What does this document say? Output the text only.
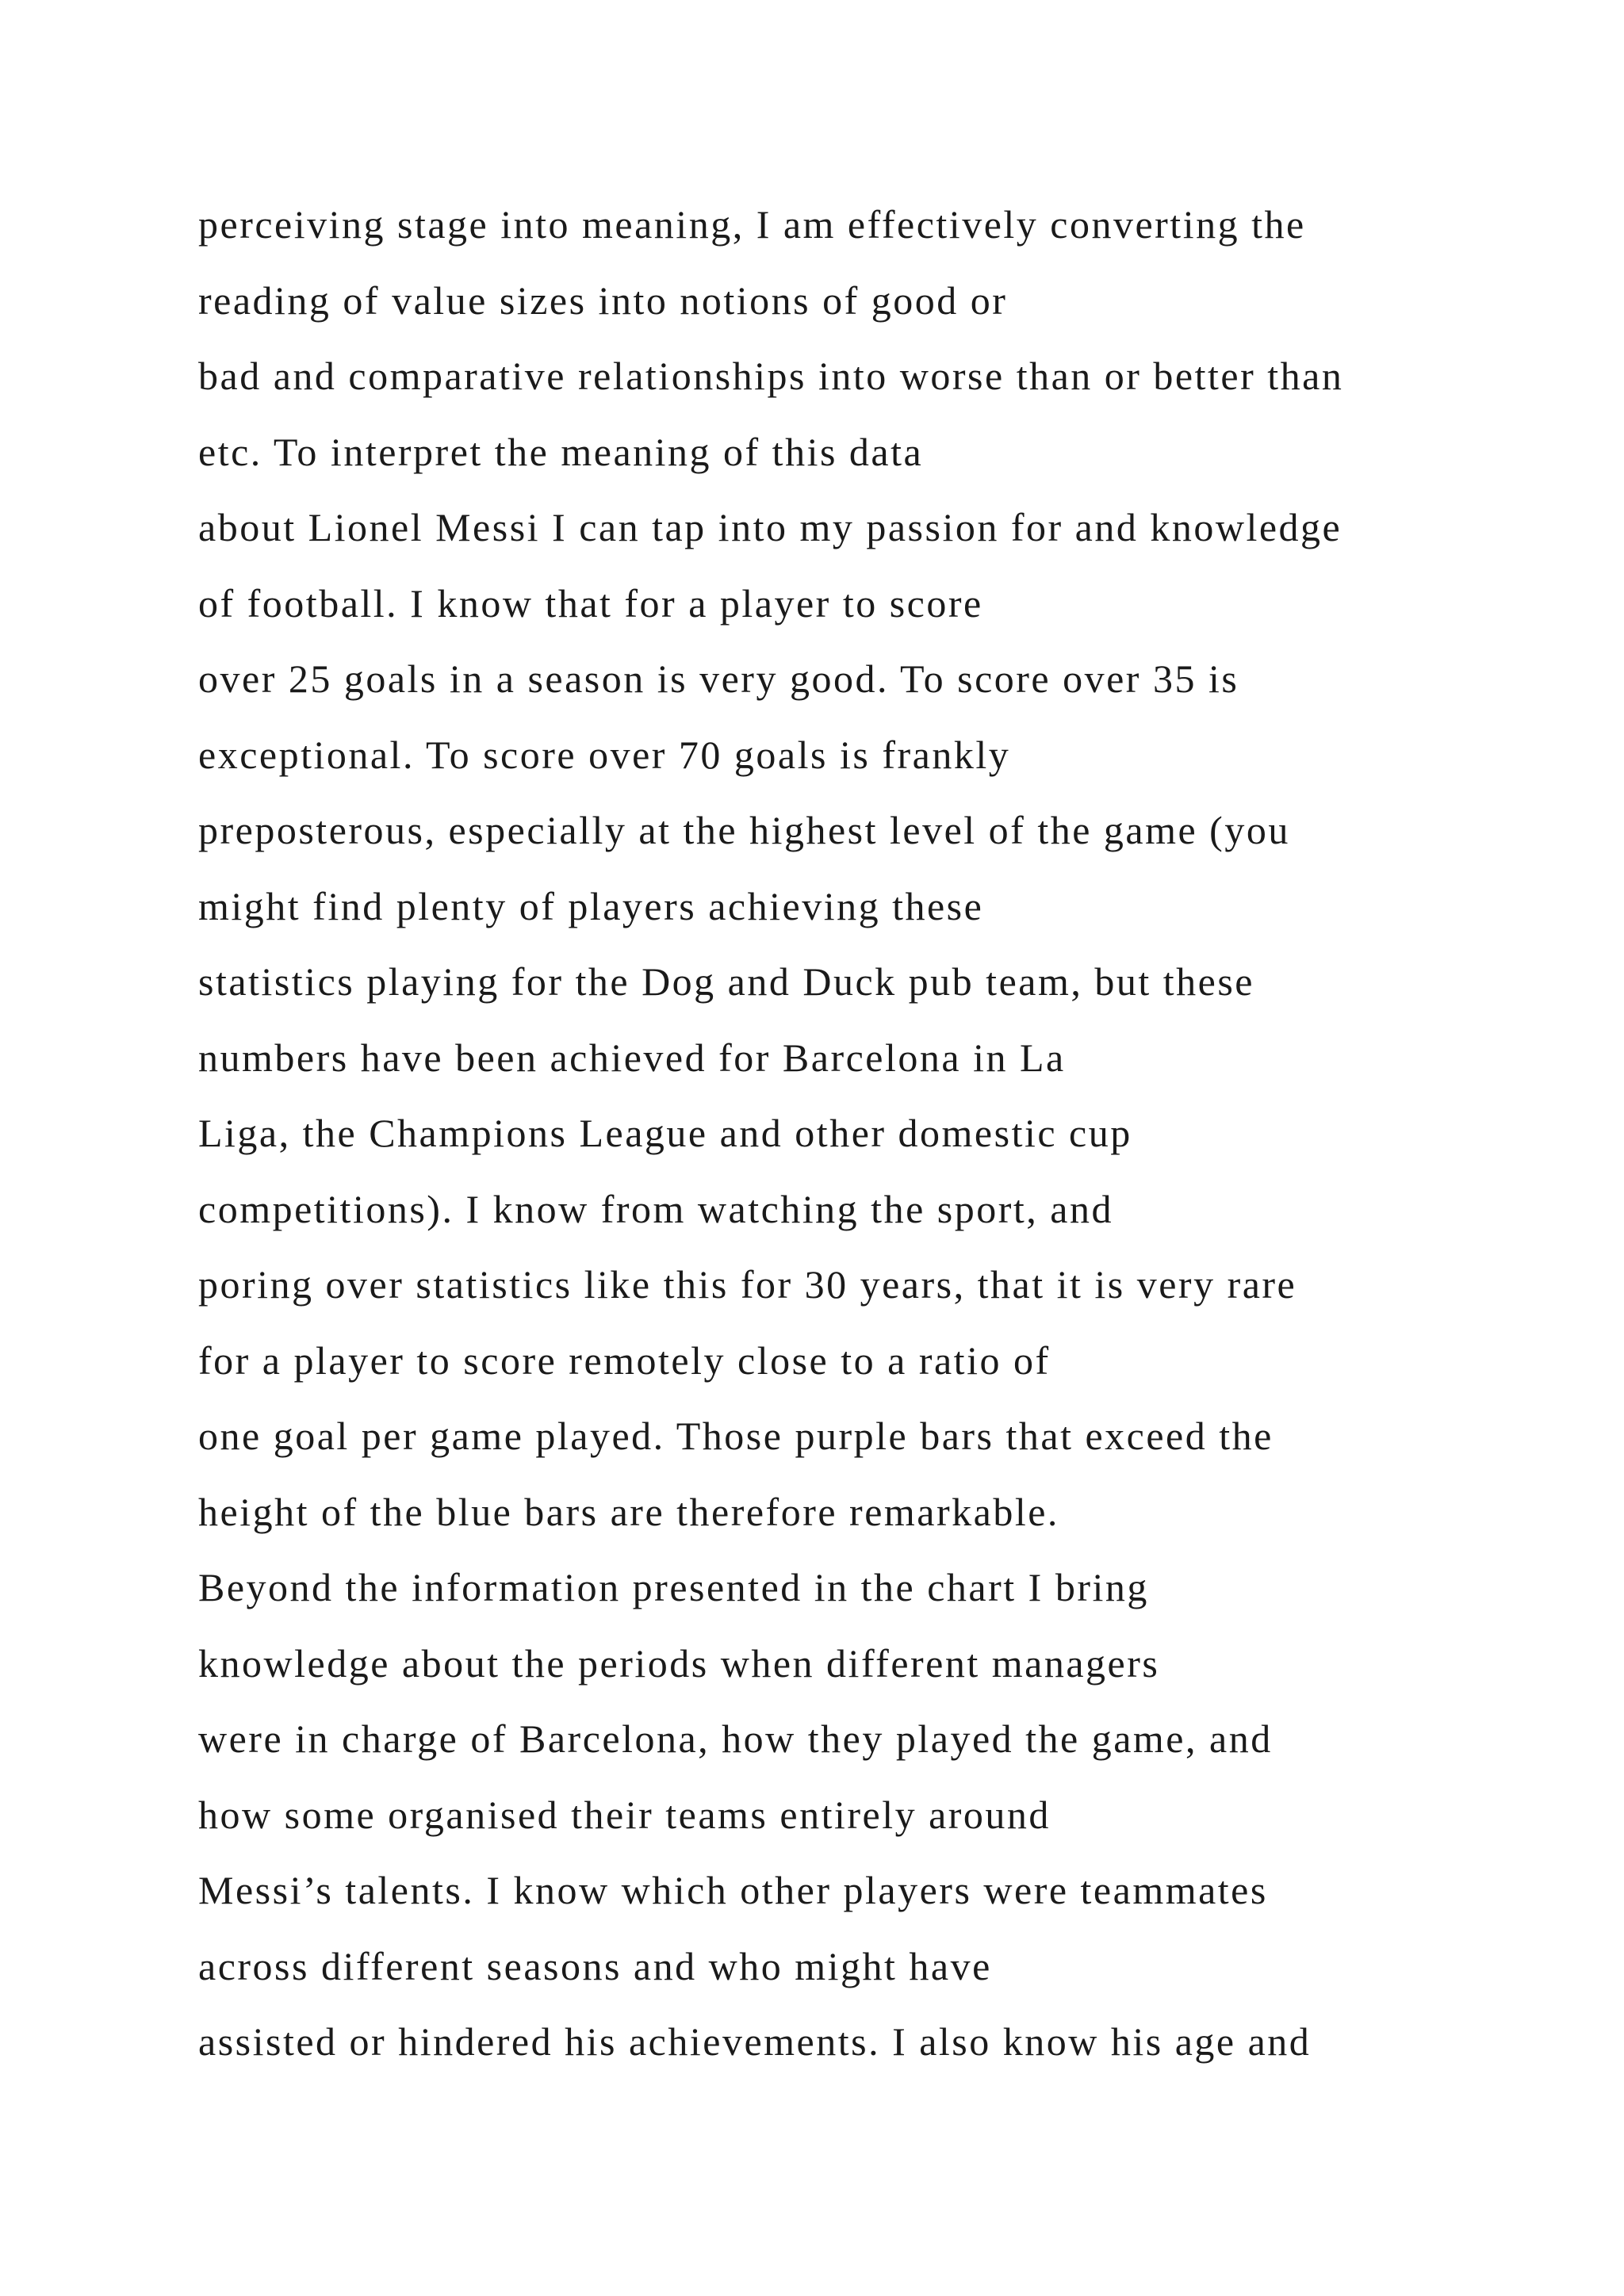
perceiving stage into meaning, I am effectively converting the
reading of value sizes into notions of good or
bad and comparative relationships into worse than or better than
etc. To interpret the meaning of this data
about Lionel Messi I can tap into my passion for and knowledge
of football. I know that for a player to score
over 25 goals in a season is very good. To score over 35 is
exceptional. To score over 70 goals is frankly
preposterous, especially at the highest level of the game (you
might find plenty of players achieving these
statistics playing for the Dog and Duck pub team, but these
numbers have been achieved for Barcelona in La
Liga, the Champions League and other domestic cup
competitions). I know from watching the sport, and
poring over statistics like this for 30 years, that it is very rare
for a player to score remotely close to a ratio of
one goal per game played. Those purple bars that exceed the
height of the blue bars are therefore remarkable.
Beyond the information presented in the chart I bring
knowledge about the periods when different managers
were in charge of Barcelona, how they played the game, and
how some organised their teams entirely around
Messi’s talents. I know which other players were teammates
across different seasons and who might have
assisted or hindered his achievements. I also know his age and
